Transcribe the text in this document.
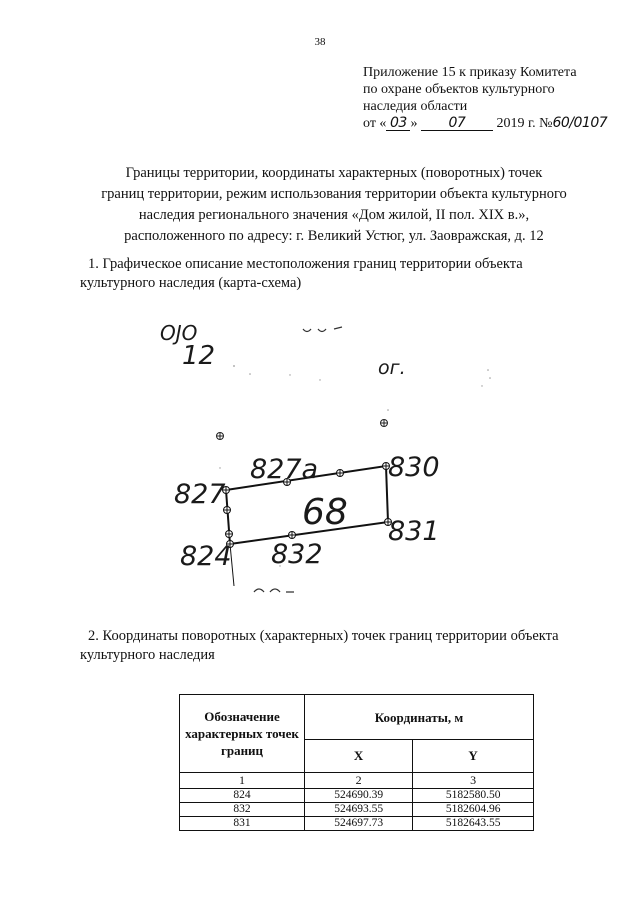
38
Приложение 15 к приказу Комитета
по охране объектов культурного
наследия области
от « 03 » 07 2019 г. №60/0107
Границы территории, координаты характерных (поворотных) точек
границ территории, режим использования территории объекта культурного
наследия регионального значения «Дом жилой, II пол. XIX в.»,
расположенного по адресу: г. Великий Устюг, ул. Заовражская, д. 12
1. Графическое описание местоположения границ территории объекта
культурного наследия (карта-схема)
ОЈО
12	ог.
827
827а	830
831
832
824
68
2. Координаты поворотных (характерных) точек границ территории объекта
культурного наследия
Обозначение характерных точек границ	Координаты, м	
	X	Y
1	2	3
824	524690.39	5182580.50
832	524693.55	5182604.96
831	524697.73	5182643.55
